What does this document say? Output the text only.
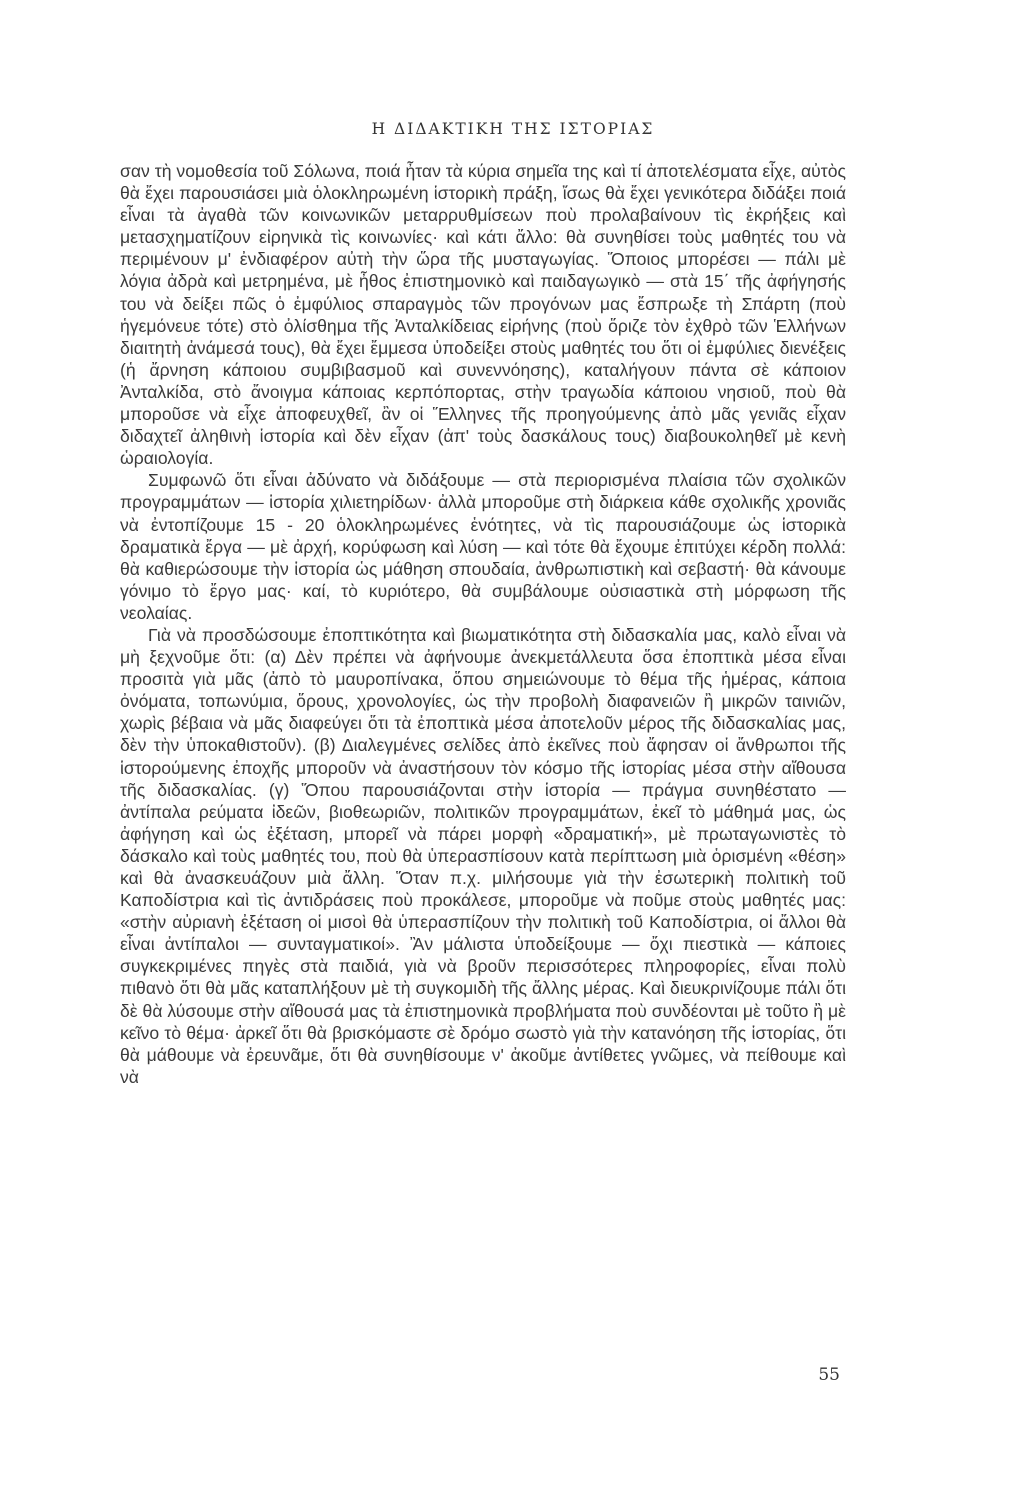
Η ΔΙΔΑΚΤΙΚΗ ΤΗΣ ΙΣΤΟΡΙΑΣ

σαν τὴ νομοθεσία τοῦ Σόλωνα, ποιά ἦταν τὰ κύρια σημεῖα της καὶ τί ἀποτελέσματα εἶχε, αὐτὸς θὰ ἔχει παρουσιάσει μιὰ ὁλοκληρωμένη ἱστορικὴ πράξη, ἴσως θὰ ἔχει γενικότερα διδάξει ποιά εἶναι τὰ ἀγαθὰ τῶν κοινωνικῶν μεταρρυθμίσεων ποὺ προλαβαίνουν τὶς ἐκρήξεις καὶ μετασχηματίζουν εἰρηνικὰ τὶς κοινωνίες· καὶ κάτι ἄλλο: θὰ συνηθίσει τοὺς μαθητές του νὰ περιμένουν μ' ἐνδιαφέρον αὐτὴ τὴν ὥρα τῆς μυσταγωγίας. Ὅποιος μπορέσει — πάλι μὲ λόγια ἀδρὰ καὶ μετρημένα, μὲ ἦθος ἐπιστημονικὸ καὶ παιδαγωγικὸ — στὰ 15΄ τῆς ἀφήγησής του νὰ δείξει πῶς ὁ ἐμφύλιος σπαραγμὸς τῶν προγόνων μας ἔσπρωξε τὴ Σπάρτη (ποὺ ἡγεμόνευε τότε) στὸ ὀλίσθημα τῆς Ἀνταλκίδειας εἰρήνης (ποὺ ὅριζε τὸν ἐχθρὸ τῶν Ἑλλήνων διαιτητὴ ἀνάμεσά τους), θὰ ἔχει ἔμμεσα ὑποδείξει στοὺς μαθητές του ὅτι οἱ ἐμφύλιες διενέξεις (ἡ ἄρνηση κάποιου συμβιβασμοῦ καὶ συνεννόησης), καταλήγουν πάντα σὲ κάποιον Ἀνταλκίδα, στὸ ἄνοιγμα κάποιας κερπόπορτας, στὴν τραγωδία κάποιου νησιοῦ, ποὺ θὰ μποροῦσε νὰ εἶχε ἀποφευχθεῖ, ἂν οἱ Ἕλληνες τῆς προηγούμενης ἀπὸ μᾶς γενιᾶς εἶχαν διδαχτεῖ ἀληθινὴ ἱστορία καὶ δὲν εἶχαν (ἀπ' τοὺς δασκάλους τους) διαβουκοληθεῖ μὲ κενὴ ὡραιολογία.

Συμφωνῶ ὅτι εἶναι ἀδύνατο νὰ διδάξουμε — στὰ περιορισμένα πλαίσια τῶν σχολικῶν προγραμμάτων — ἱστορία χιλιετηρίδων· ἀλλὰ μποροῦμε στὴ διάρκεια κάθε σχολικῆς χρονιᾶς νὰ ἐντοπίζουμε 15 - 20 ὁλοκληρωμένες ἑνότητες, νὰ τὶς παρουσιάζουμε ὡς ἱστορικὰ δραματικὰ ἔργα — μὲ ἀρχή, κορύφωση καὶ λύση — καὶ τότε θὰ ἔχουμε ἐπιτύχει κέρδη πολλά: θὰ καθιερώσουμε τὴν ἱστορία ὡς μάθηση σπουδαία, ἀνθρωπιστικὴ καὶ σεβαστή· θὰ κάνουμε γόνιμο τὸ ἔργο μας· καί, τὸ κυριότερο, θὰ συμβάλουμε οὐσιαστικὰ στὴ μόρφωση τῆς νεολαίας.

Γιὰ νὰ προσδώσουμε ἐποπτικότητα καὶ βιωματικότητα στὴ διδασκαλία μας, καλὸ εἶναι νὰ μὴ ξεχνοῦμε ὅτι: (α) Δὲν πρέπει νὰ ἀφήνουμε ἀνεκμετάλλευτα ὅσα ἐποπτικὰ μέσα εἶναι προσιτὰ γιὰ μᾶς (ἀπὸ τὸ μαυροπίνακα, ὅπου σημειώνουμε τὸ θέμα τῆς ἡμέρας, κάποια ὀνόματα, τοπωνύμια, ὅρους, χρονολογίες, ὡς τὴν προβολὴ διαφανειῶν ἢ μικρῶν ταινιῶν, χωρὶς βέβαια νὰ μᾶς διαφεύγει ὅτι τὰ ἐποπτικὰ μέσα ἀποτελοῦν μέρος τῆς διδασκαλίας μας, δὲν τὴν ὑποκαθιστοῦν). (β) Διαλεγμένες σελίδες ἀπὸ ἐκεῖνες ποὺ ἄφησαν οἱ ἄνθρωποι τῆς ἱστορούμενης ἐποχῆς μποροῦν νὰ ἀναστήσουν τὸν κόσμο τῆς ἱστορίας μέσα στὴν αἴθουσα τῆς διδασκαλίας. (γ) Ὅπου παρουσιάζονται στὴν ἱστορία — πράγμα συνηθέστατο — ἀντίπαλα ρεύματα ἰδεῶν, βιοθεωριῶν, πολιτικῶν προγραμμάτων, ἐκεῖ τὸ μάθημά μας, ὡς ἀφήγηση καὶ ὡς ἐξέταση, μπορεῖ νὰ πάρει μορφὴ «δραματική», μὲ πρωταγωνιστὲς τὸ δάσκαλο καὶ τοὺς μαθητές του, ποὺ θὰ ὑπερασπίσουν κατὰ περίπτωση μιὰ ὁρισμένη «θέση» καὶ θὰ ἀνασκευάζουν μιὰ ἄλλη. Ὅταν π.χ. μιλήσουμε γιὰ τὴν ἐσωτερικὴ πολιτικὴ τοῦ Καποδίστρια καὶ τὶς ἀντιδράσεις ποὺ προκάλεσε, μποροῦμε νὰ ποῦμε στοὺς μαθητές μας: «στὴν αὐριανὴ ἐξέταση οἱ μισοὶ θὰ ὑπερασπίζουν τὴν πολιτικὴ τοῦ Καποδίστρια, οἱ ἄλλοι θὰ εἶναι ἀντίπαλοι — συνταγματικοί». Ἂν μάλιστα ὑποδείξουμε — ὄχι πιεστικὰ — κάποιες συγκεκριμένες πηγὲς στὰ παιδιά, γιὰ νὰ βροῦν περισσότερες πληροφορίες, εἶναι πολὺ πιθανὸ ὅτι θὰ μᾶς καταπλήξουν μὲ τὴ συγκομιδὴ τῆς ἄλλης μέρας. Καὶ διευκρινίζουμε πάλι ὅτι δὲ θὰ λύσουμε στὴν αἴθουσά μας τὰ ἐπιστημονικὰ προβλήματα ποὺ συνδέονται μὲ τοῦτο ἢ μὲ κεῖνο τὸ θέμα· ἀρκεῖ ὅτι θὰ βρισκόμαστε σὲ δρόμο σωστὸ γιὰ τὴν κατανόηση τῆς ἱστορίας, ὅτι θὰ μάθουμε νὰ ἐρευνᾶμε, ὅτι θὰ συνηθίσουμε ν' ἀκοῦμε ἀντίθετες γνῶμες, νὰ πείθουμε καὶ νὰ

55
